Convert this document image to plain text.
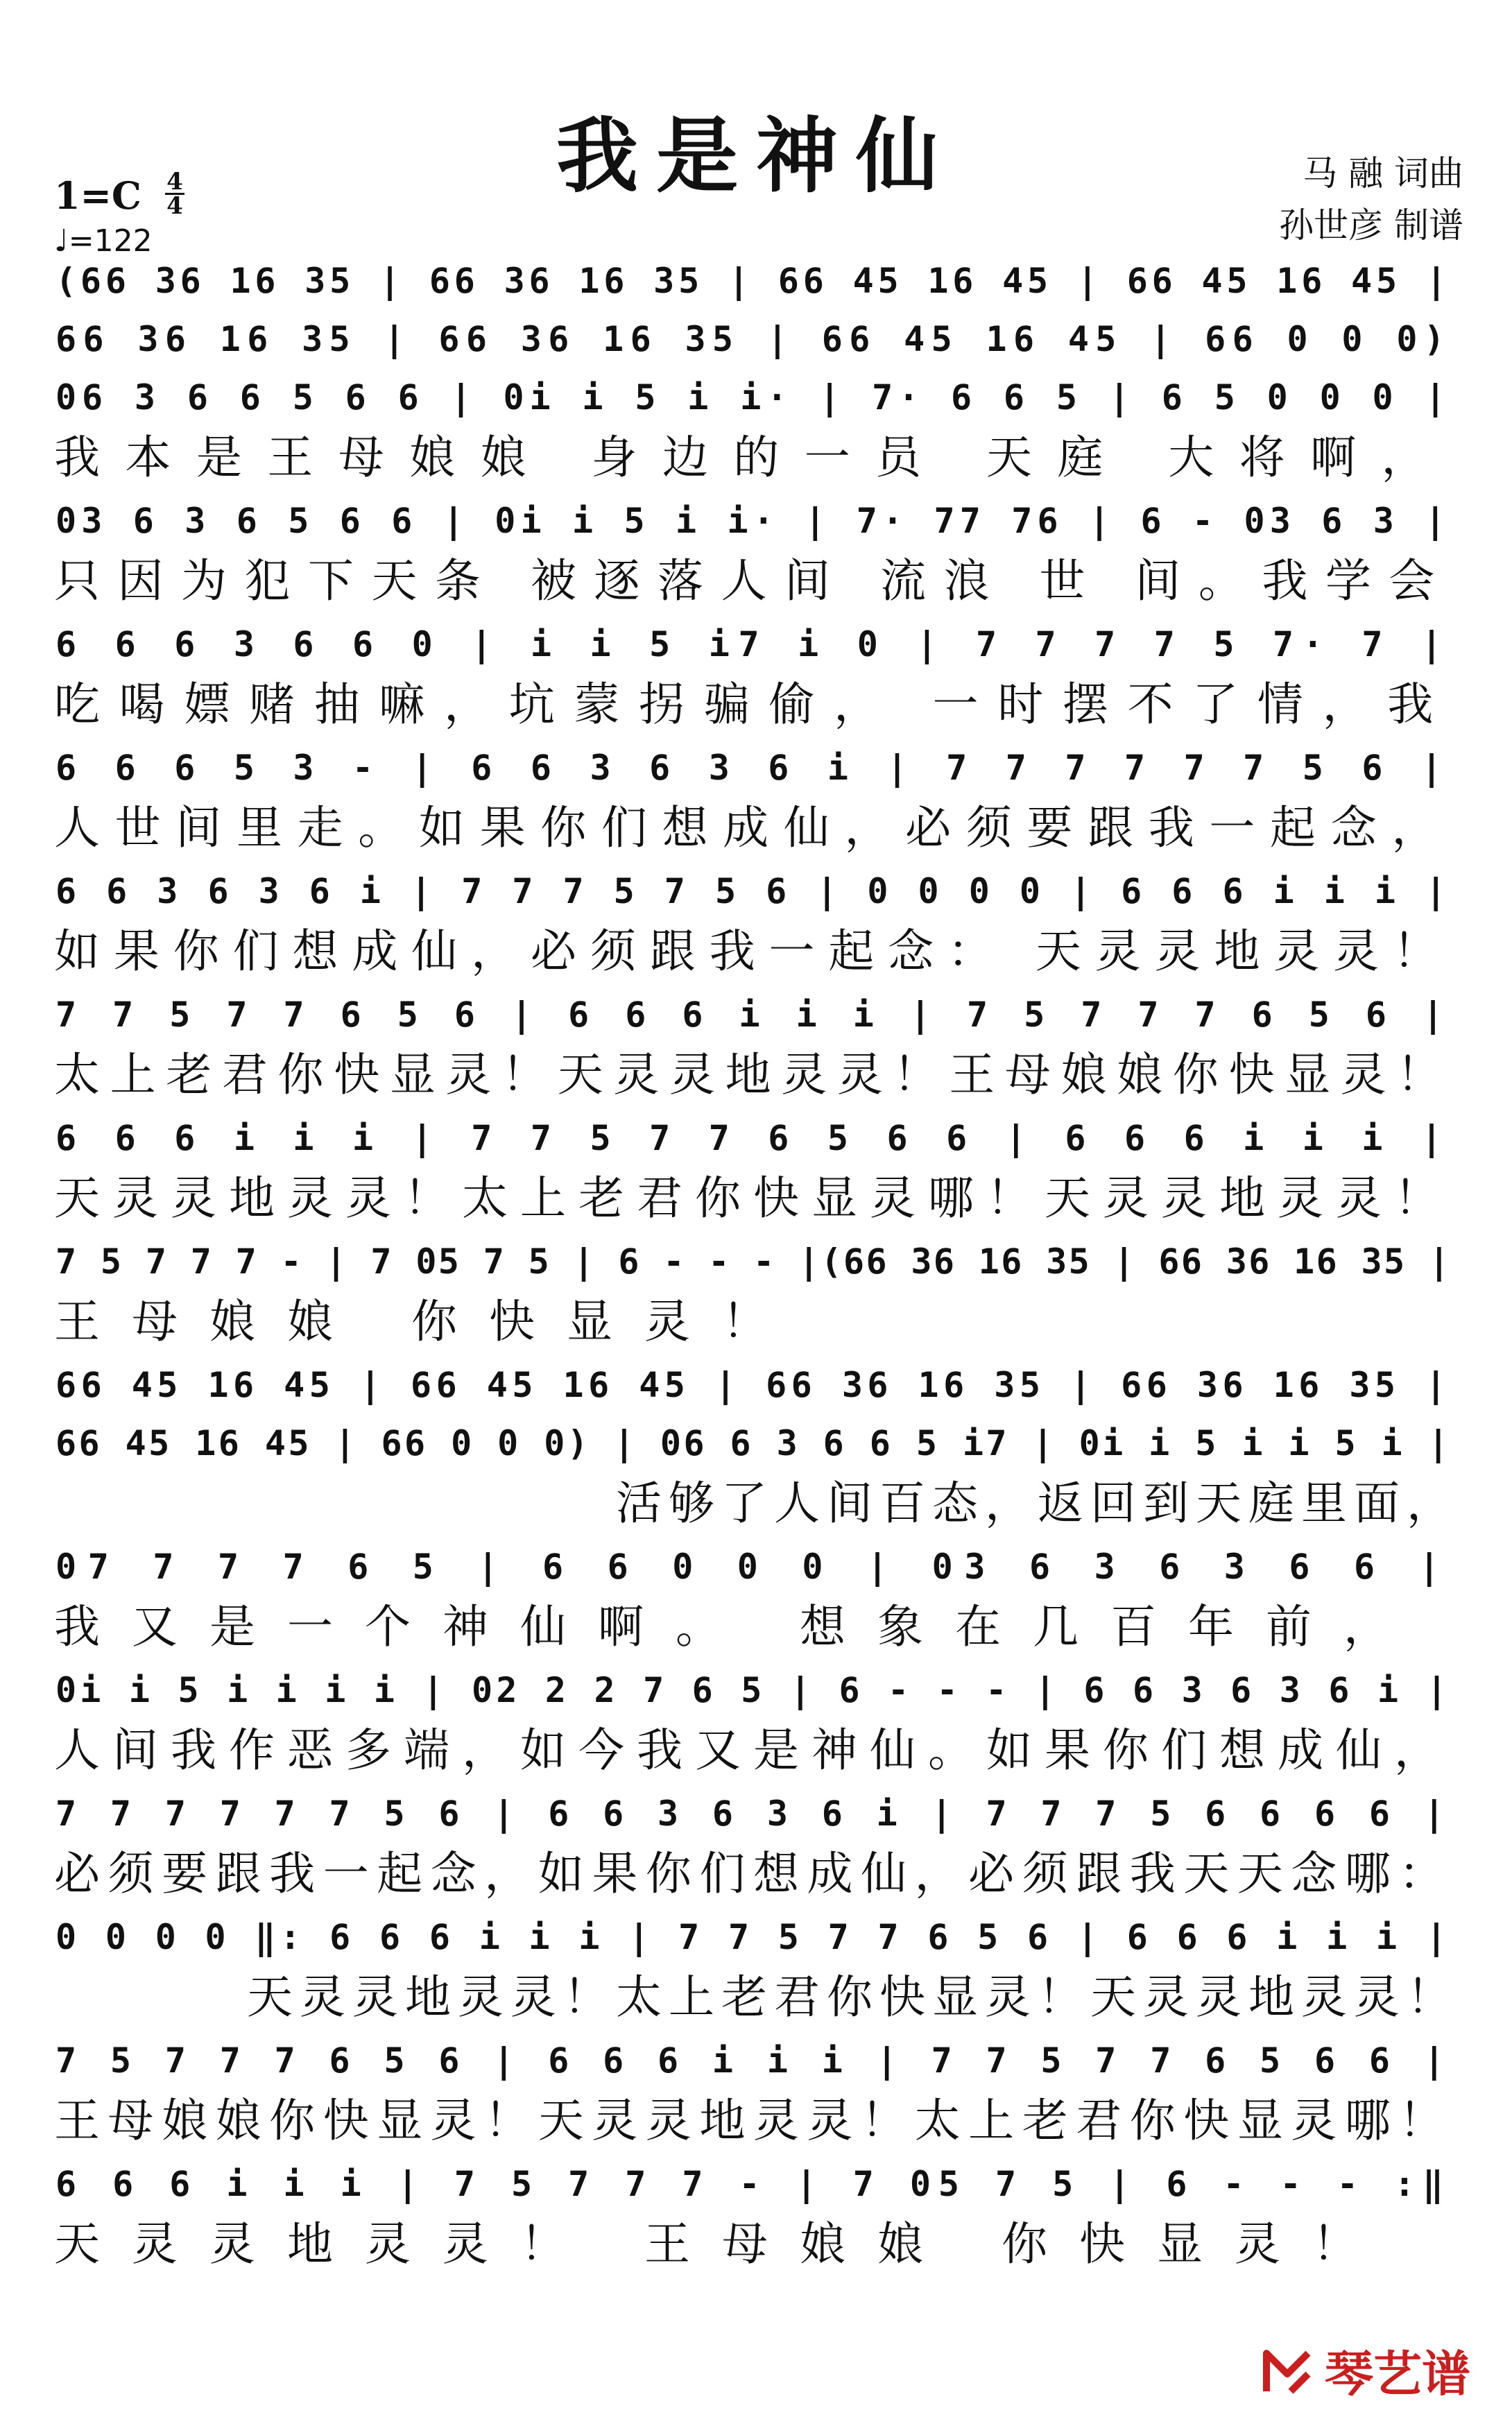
我是神仙	马 融 词曲
孙世彦 制谱
1=C 4
4
♩=122
(66 36 16 35 | 66 36 16 35 | 66 45 16 45 | 66 45 16 45 |
66 36 16 35 | 66 36 16 35 | 66 45 16 45 | 66 0 0 0)
06 3 6 6 5 6 6 | 0i i 5 i i· | 7· 6 6 5 | 6 5 0 0 0 |
我本是王母娘娘 身边的一员 天庭 大将啊，
03 6 3 6 5 6 6 | 0i i 5 i i· | 7· 77 76 | 6 - 03 6 3 |
只因为犯下天条 被逐落人间 流浪 世 间。我学会
6 6 6 3 6 6 0 | i i 5 i7 i 0 | 7 7 7 7 5 7· 7 |
吃喝嫖赌抽嘛，坑蒙拐骗偷， 一时摆不了情，我
6 6 6 5 3 - | 6 6 3 6 3 6 i | 7 7 7 7 7 7 5 6 |
人世间里走。如果你们想成仙，必须要跟我一起念，
6 6 3 6 3 6 i | 7 7 7 5 7 5 6 | 0 0 0 0 | 6 6 6 i i i |
如果你们想成仙，必须跟我一起念： 天灵灵地灵灵！
7 7 5 7 7 6 5 6 | 6 6 6 i i i | 7 5 7 7 7 6 5 6 |
太上老君你快显灵！天灵灵地灵灵！王母娘娘你快显灵！
6 6 6 i i i | 7 7 5 7 7 6 5 6 6 | 6 6 6 i i i |
天灵灵地灵灵！太上老君你快显灵哪！天灵灵地灵灵！
7 5 7 7 7 - | 7 05 7 5 | 6 - - - |(66 36 16 35 | 66 36 16 35 |
王母娘娘 你快显灵！
66 45 16 45 | 66 45 16 45 | 66 36 16 35 | 66 36 16 35 |
66 45 16 45 | 66 0 0 0) | 06 6 3 6 6 5 i7 | 0i i 5 i i 5 i |
活够了人间百态，返回到天庭里面，
07 7 7 7 6 5 | 6 6 0 0 0 | 03 6 3 6 3 6 6 |
我又是一个神仙啊。 想象在几百年前，
0i i 5 i i i i | 02 2 2 7 6 5 | 6 - - - | 6 6 3 6 3 6 i |
人间我作恶多端，如今我又是神仙。如果你们想成仙，
7 7 7 7 7 7 5 6 | 6 6 3 6 3 6 i | 7 7 7 5 6 6 6 6 |
必须要跟我一起念，如果你们想成仙，必须跟我天天念哪：
0 0 0 0 ‖: 6 6 6 i i i | 7 7 5 7 7 6 5 6 | 6 6 6 i i i |
天灵灵地灵灵！太上老君你快显灵！天灵灵地灵灵！
7 5 7 7 7 6 5 6 | 6 6 6 i i i | 7 7 5 7 7 6 5 6 6 |
王母娘娘你快显灵！天灵灵地灵灵！太上老君你快显灵哪！
6 6 6 i i i | 7 5 7 7 7 - | 7 05 7 5 | 6 - - - :‖
天灵灵地灵灵！ 王母娘娘 你快显灵！
琴艺谱
